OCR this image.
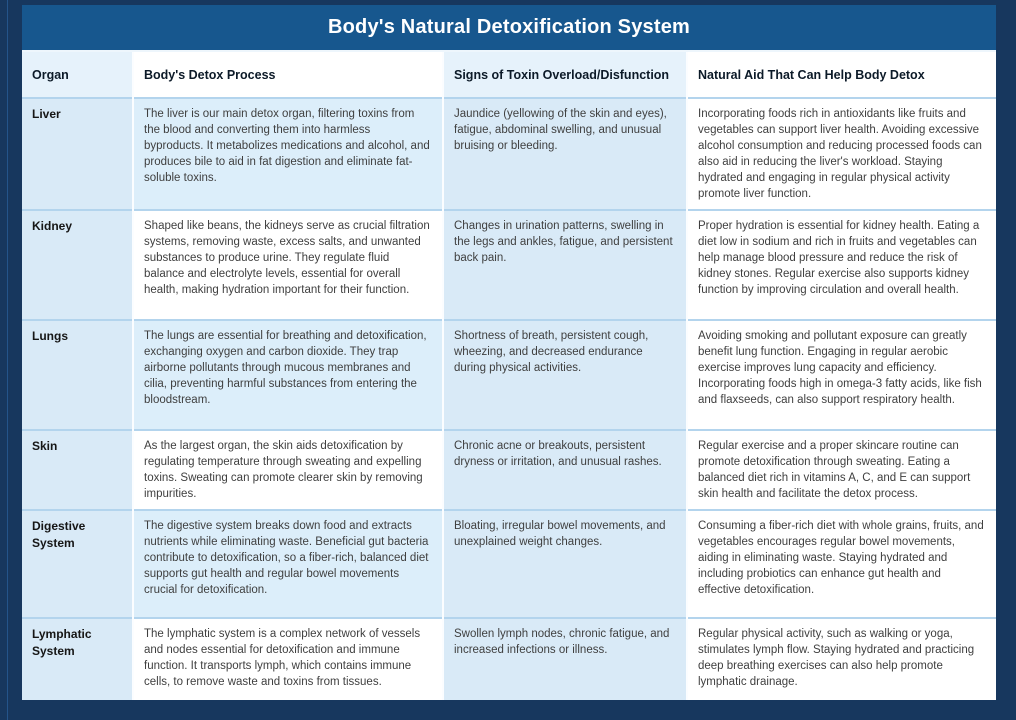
Body's Natural Detoxification System
Organ	Body's Detox Process	Signs of Toxin Overload/Disfunction	Natural Aid That Can Help Body Detox
Liver	The liver is our main detox organ, filtering toxins from the blood and converting them into harmless byproducts. It metabolizes medications and alcohol, and produces bile to aid in fat digestion and eliminate fat-soluble toxins.	Jaundice (yellowing of the skin and eyes), fatigue, abdominal swelling, and unusual bruising or bleeding.	Incorporating foods rich in antioxidants like fruits and vegetables can support liver health. Avoiding excessive alcohol consumption and reducing processed foods can also aid in reducing the liver's workload. Staying hydrated and engaging in regular physical activity promote liver function.
Kidney	Shaped like beans, the kidneys serve as crucial filtration systems, removing waste, excess salts, and unwanted substances to produce urine. They regulate fluid balance and electrolyte levels, essential for overall health, making hydration important for their function.	Changes in urination patterns, swelling in the legs and ankles, fatigue, and persistent back pain.	Proper hydration is essential for kidney health. Eating a diet low in sodium and rich in fruits and vegetables can help manage blood pressure and reduce the risk of kidney stones. Regular exercise also supports kidney function by improving circulation and overall health.
Lungs	The lungs are essential for breathing and detoxification, exchanging oxygen and carbon dioxide. They trap airborne pollutants through mucous membranes and cilia, preventing harmful substances from entering the bloodstream.	Shortness of breath, persistent cough, wheezing, and decreased endurance during physical activities.	Avoiding smoking and pollutant exposure can greatly benefit lung function. Engaging in regular aerobic exercise improves lung capacity and efficiency. Incorporating foods high in omega-3 fatty acids, like fish and flaxseeds, can also support respiratory health.
Skin	As the largest organ, the skin aids detoxification by regulating temperature through sweating and expelling toxins. Sweating can promote clearer skin by removing impurities.	Chronic acne or breakouts, persistent dryness or irritation, and unusual rashes.	Regular exercise and a proper skincare routine can promote detoxification through sweating. Eating a balanced diet rich in vitamins A, C, and E can support skin health and facilitate the detox process.
Digestive System	The digestive system breaks down food and extracts nutrients while eliminating waste. Beneficial gut bacteria contribute to detoxification, so a fiber-rich, balanced diet supports gut health and regular bowel movements crucial for detoxification.	Bloating, irregular bowel movements, and unexplained weight changes.	Consuming a fiber-rich diet with whole grains, fruits, and vegetables encourages regular bowel movements, aiding in eliminating waste. Staying hydrated and including probiotics can enhance gut health and effective detoxification.
Lymphatic System	The lymphatic system is a complex network of vessels and nodes essential for detoxification and immune function. It transports lymph, which contains immune cells, to remove waste and toxins from tissues.	Swollen lymph nodes, chronic fatigue, and increased infections or illness.	Regular physical activity, such as walking or yoga, stimulates lymph flow. Staying hydrated and practicing deep breathing exercises can also help promote lymphatic drainage.
